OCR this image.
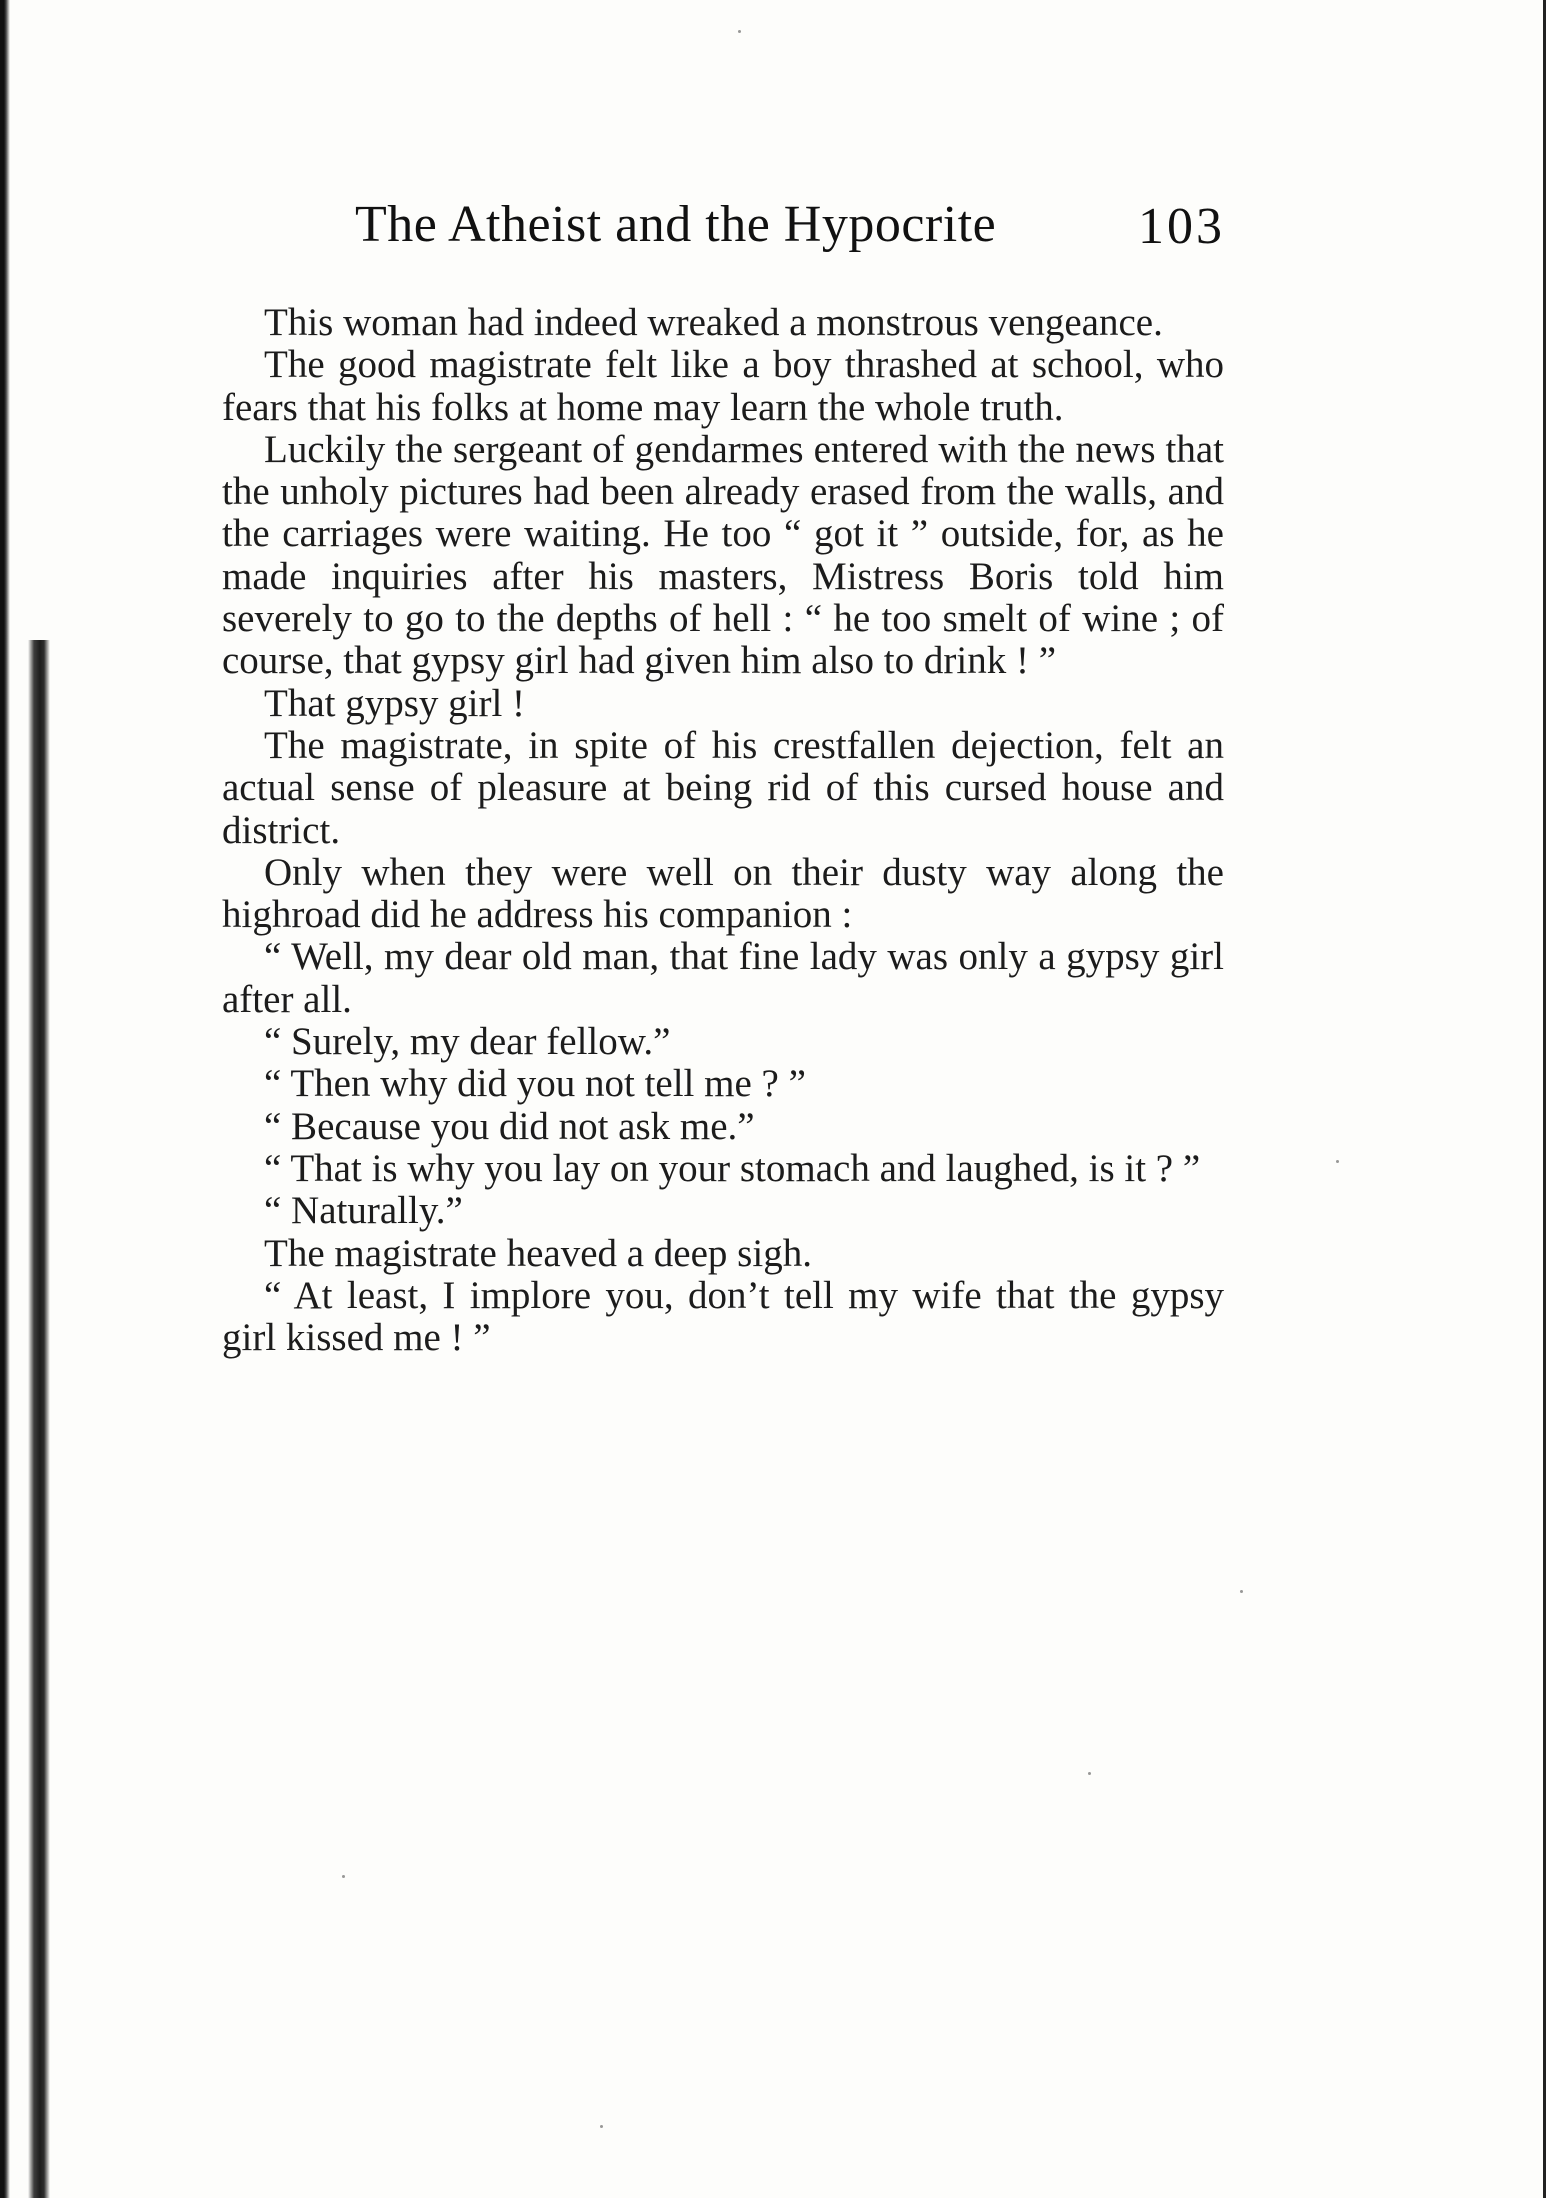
The Atheist and the Hypocrite	103

This woman had indeed wreaked a monstrous vengeance.

The good magistrate felt like a boy thrashed at school, who fears that his folks at home may learn the whole truth.

Luckily the sergeant of gendarmes entered with the news that the unholy pictures had been already erased from the walls, and the carriages were waiting. He too “ got it ” outside, for, as he made inquiries after his masters, Mistress Boris told him severely to go to the depths of hell : “ he too smelt of wine ; of course, that gypsy girl had given him also to drink ! ”

That gypsy girl !

The magistrate, in spite of his crestfallen dejection, felt an actual sense of pleasure at being rid of this cursed house and district.

Only when they were well on their dusty way along the highroad did he address his companion :

“ Well, my dear old man, that fine lady was only a gypsy girl after all.

“ Surely, my dear fellow.”

“ Then why did you not tell me ? ”

“ Because you did not ask me.”

“ That is why you lay on your stomach and laughed, is it ? ”

“ Naturally.”

The magistrate heaved a deep sigh.

“ At least, I implore you, don’t tell my wife that the gypsy girl kissed me ! ”
